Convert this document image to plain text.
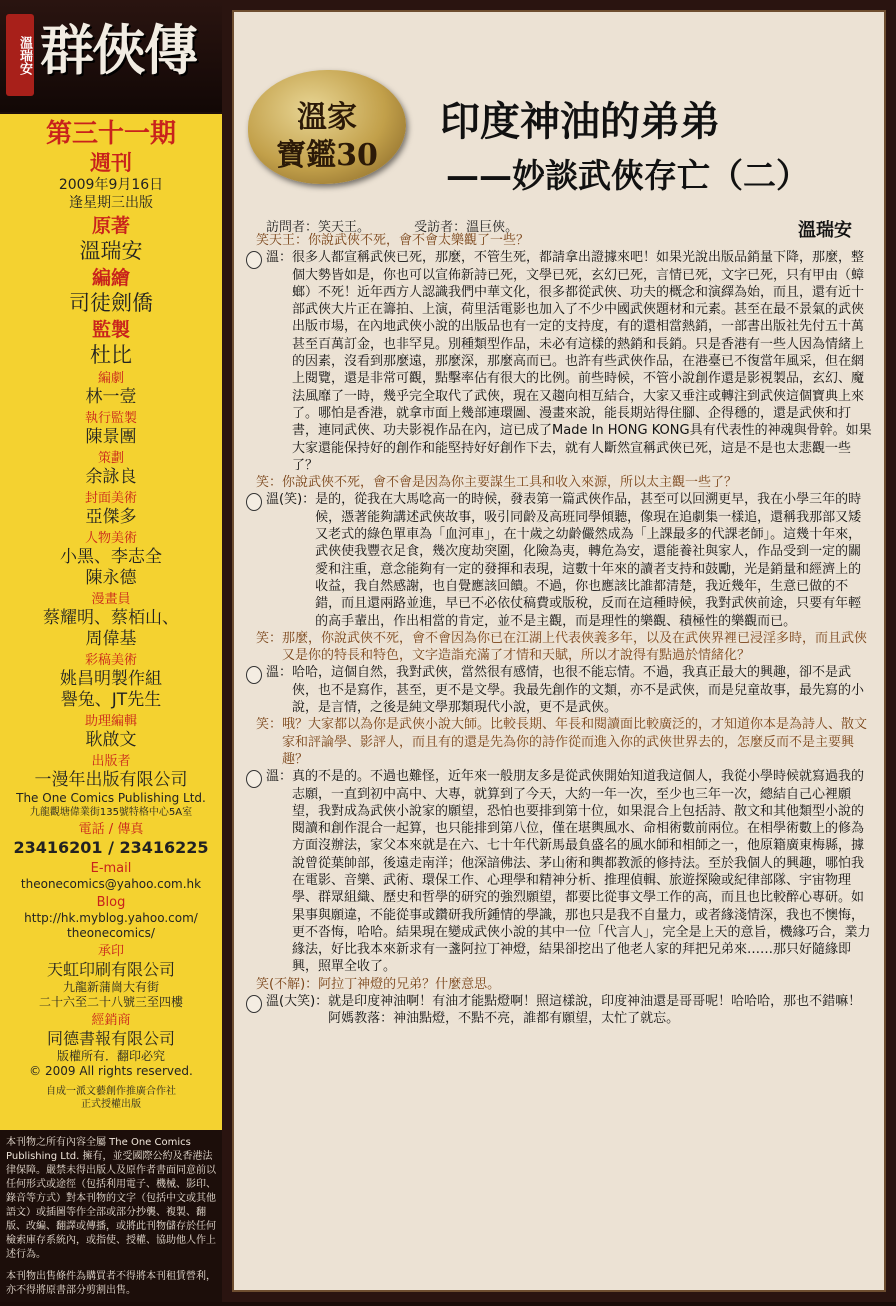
溫瑞安 群俠傳
第三十一期
週刊
2009年9月16日
逢星期三出版
原著
溫瑞安
編繪
司徒劍僑
監製
杜比
編劇
林一壹
執行監製
陳景團
策劃
余詠良
封面美術
亞傑多
人物美術
小黑、李志全
陳永德
漫畫員
蔡耀明、蔡栢山、
周偉基
彩稿美術
姚昌明製作組
譽兔、JT先生
助理編輯
耿啟文
出版者
一漫年出版有限公司
The One Comics Publishing Ltd.
九龍觀塘偉業街135號特格中心5A室
電話 / 傳真
23416201 / 23416225
E-mail
theonecomics@yahoo.com.hk
Blog
http://hk.myblog.yahoo.com/
theonecomics/
承印
天虹印刷有限公司
九龍新蒲崗大有街
二十六至二十八號三至四樓
經銷商
同德書報有限公司
版權所有．翻印必究
© 2009 All rights reserved.
自成一派文藝創作推廣合作社
正式授權出版

本刊物之所有內容全屬 The One Comics Publishing Ltd. 擁有，並受國際公約及香港法律保障。嚴禁未得出版人及原作者書面同意前以任何形式或途徑（包括利用電子、機械、影印、錄音等方式）對本刊物的文字（包括中文或其他語文）或插圖等作全部或部分抄襲、複製、翻版、改編、翻譯或傳播，或將此刊物儲存於任何檢索庫存系統內，或指使、授權、協助他人作上述行為。

本刊物出售條件為購買者不得將本刊租賃營利，亦不得將原書部分剪割出售。

溫家
寶鑑30
印度神油的弟弟
——妙談武俠存亡（二）
訪問者：笑天王。	受訪者：溫巨俠。	溫瑞安
笑天王： 你說武俠不死，會不會太樂觀了一些？
溫： 很多人都宣稱武俠已死，那麼，不管生死，都請拿出證據來吧！如果光說出版品銷量下降，那麼，整個大勢皆如是，你也可以宣佈新詩已死，文學已死，玄幻已死，言情已死，文字已死，只有甲由（蟑螂）不死！近年西方人認識我們中華文化，很多都從武俠、功夫的概念和演繹為始，而且，還有近十部武俠大片正在籌拍、上演，荷里活電影也加入了不少中國武俠題材和元素。甚至在最不景氣的武俠出版市場，在內地武俠小說的出版品也有一定的支持度，有的還相當熱銷，一部書出版社先付五十萬甚至百萬訂金，也非罕見。別種類型作品，未必有這樣的熱銷和長銷。只是香港有一些人因為情緒上的因素，沒看到那麼遠，那麼深，那麼高而已。也許有些武俠作品，在港臺已不復當年風采，但在網上閱覽，還是非常可觀，點擊率佔有很大的比例。前些時候，不管小說創作還是影視製品，玄幻、魔法風靡了一時，幾乎完全取代了武俠，現在又趨向相互結合，大家又垂注或轉注到武俠這個寶典上來了。哪怕是香港，就拿市面上幾部連環圖、漫畫來說，能長期站得住腳、企得穩的，還是武俠和打書，連同武俠、功夫影視作品在內，這已成了Made In HONG KONG具有代表性的神魂與骨幹。如果大家還能保持好的創作和能堅持好好創作下去，就有人斷然宣稱武俠已死，這是不是也太悲觀一些了？
笑： 你說武俠不死，會不會是因為你主要謀生工具和收入來源，所以太主觀一些了？
溫(笑)： 是的，從我在大馬唸高一的時候，發表第一篇武俠作品，甚至可以回溯更早，我在小學三年的時候，憑著能夠講述武俠故事，吸引同齡及高班同學傾聽，像現在追劇集一樣追，還稱我那部又矮又老式的綠色單車為「血河車」，在十歲之幼齡儼然成為「上課最多的代課老師」。這幾十年來，武俠使我豐衣足食，幾次度劫突圍，化險為夷，轉危為安，還能養社與家人，作品受到一定的關愛和注重，意念能夠有一定的發揮和表現，這數十年來的讀者支持和鼓勵，光是銷量和經濟上的收益，我自然感謝，也自覺應該回饋。不過，你也應該比誰都清楚，我近幾年，生意已做的不錯，而且還兩路並進，早已不必依仗稿費或版稅，反而在這種時候，我對武俠前途，只要有年輕的高手輩出，作出相當的肯定，並不是主觀，而是理性的樂觀、積極性的樂觀而已。
笑： 那麼，你說武俠不死，會不會因為你已在江湖上代表俠義多年，以及在武俠界裡已浸淫多時，而且武俠又是你的特長和特色，文字造詣充滿了才情和天賦，所以才說得有點過於情緒化？
溫： 哈哈，這個自然，我對武俠，當然很有感情，也很不能忘情。不過，我真正最大的興趣，卻不是武俠，也不是寫作，甚至，更不是文學。我最先創作的文類，亦不是武俠，而是兒童故事，最先寫的小說，是言情，之後是純文學那類現代小說，更不是武俠。
笑： 哦？大家都以為你是武俠小說大師。比較長期、年長和閱讀面比較廣泛的，才知道你本是為詩人、散文家和評論學、影評人，而且有的還是先為你的詩作從而進入你的武俠世界去的，怎麼反而不是主要興趣？
溫： 真的不是的。不過也難怪，近年來一般朋友多是從武俠開始知道我這個人，我從小學時候就寫過我的志願，一直到初中高中、大專，就算到了今天，大約一年一次，至少也三年一次，總結自己心裡願望，我對成為武俠小說家的願望，恐怕也要排到第十位，如果混合上包括詩、散文和其他類型小說的閱讀和創作混合一起算，也只能排到第八位，僅在堪輿風水、命相術數前兩位。在相學術數上的修為方面沒辦法，家父本來就是在六、七十年代新馬最負盛名的風水師和相師之一，他原籍廣東梅縣，據說曾從葉帥部，後遠走南洋；他深諳佛法、茅山術和輿都教派的修持法。至於我個人的興趣，哪怕我在電影、音樂、武術、環保工作、心理學和精神分析、推理偵輯、旅遊探險或紀律部隊、宇宙物理學、群眾組織、歷史和哲學的研究的強烈願望，都要比從事文學工作的高，而且也比較醉心專研。如果事與願違，不能從事或鑽研我所鍾情的學識，那也只是我不自量力，或者緣淺情深，我也不懊悔，更不沓悔，哈哈。結果現在變成武俠小說的其中一位「代言人」，完全是上天的意旨，機緣巧合，業力緣法，好比我本來新求有一盞阿拉丁神燈，結果卻挖出了他老人家的拜把兄弟來……那只好隨緣即興，照單全收了。
笑(不解)： 阿拉丁神燈的兄弟？什麼意思。
溫(大笑)： 就是印度神油啊！有油才能點燈啊！照這樣說，印度神油還是哥哥呢！哈哈哈，那也不錯嘛！阿媽教落：神油點燈，不點不亮，誰都有願望，太忙了就忘。
